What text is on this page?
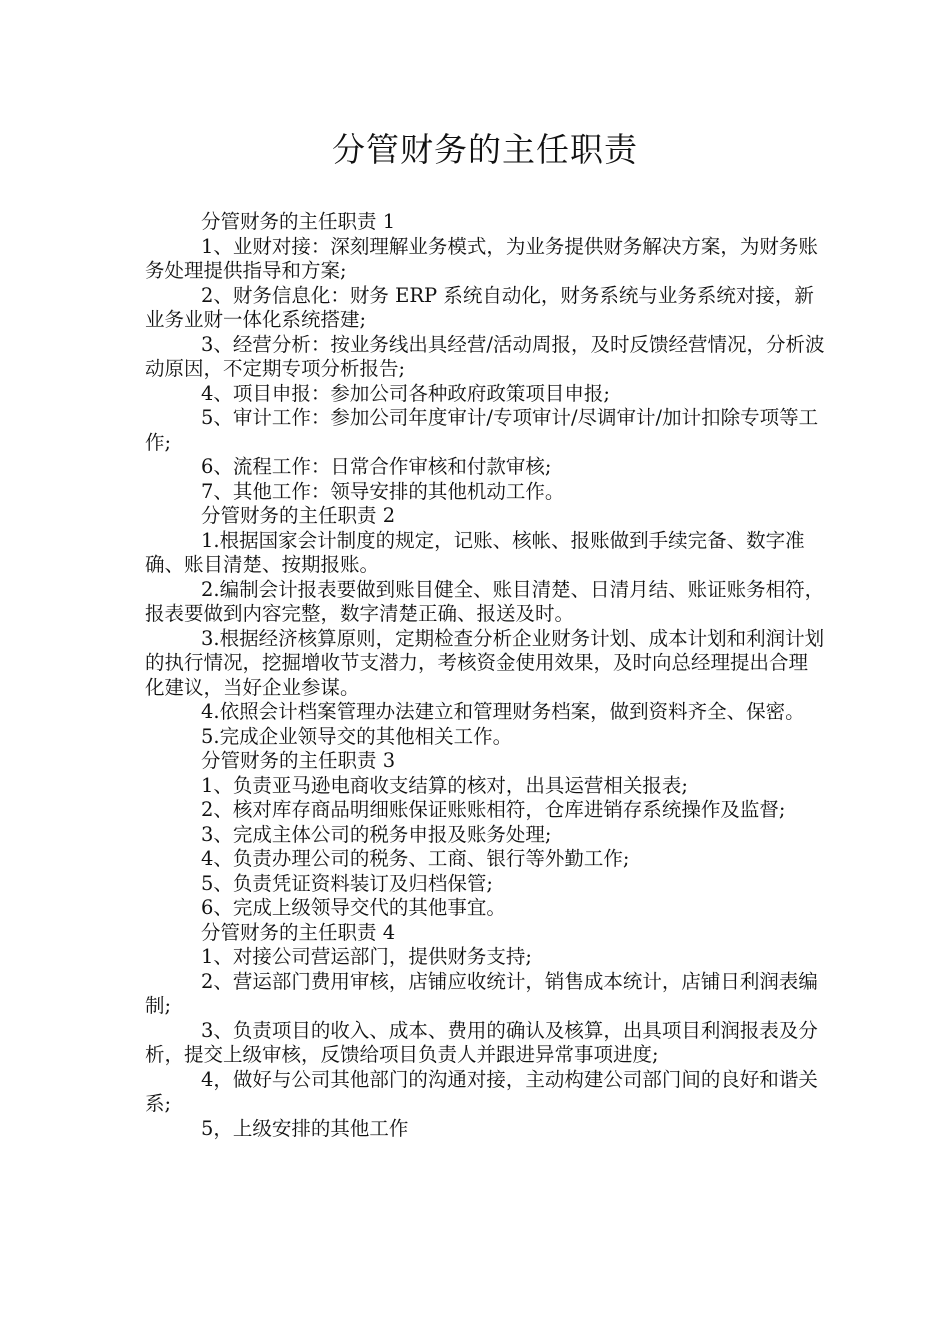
分管财务的主任职责

分管财务的主任职责 1

1、业财对接：深刻理解业务模式，为业务提供财务解决方案，为财务账务处理提供指导和方案;

2、财务信息化：财务 ERP 系统自动化，财务系统与业务系统对接，新业务业财一体化系统搭建;

3、经营分析：按业务线出具经营/活动周报，及时反馈经营情况，分析波动原因，不定期专项分析报告;

4、项目申报：参加公司各种政府政策项目申报;

5、审计工作：参加公司年度审计/专项审计/尽调审计/加计扣除专项等工作;

6、流程工作：日常合作审核和付款审核;

7、其他工作：领导安排的其他机动工作。

分管财务的主任职责 2

1.根据国家会计制度的规定，记账、核帐、报账做到手续完备、数字准确、账目清楚、按期报账。

2.编制会计报表要做到账目健全、账目清楚、日清月结、账证账务相符，报表要做到内容完整，数字清楚正确、报送及时。

3.根据经济核算原则，定期检查分析企业财务计划、成本计划和利润计划的执行情况，挖掘增收节支潜力，考核资金使用效果，及时向总经理提出合理化建议，当好企业参谋。

4.依照会计档案管理办法建立和管理财务档案，做到资料齐全、保密。

5.完成企业领导交的其他相关工作。

分管财务的主任职责 3

1、负责亚马逊电商收支结算的核对，出具运营相关报表;

2、核对库存商品明细账保证账账相符，仓库进销存系统操作及监督;

3、完成主体公司的税务申报及账务处理;

4、负责办理公司的税务、工商、银行等外勤工作;

5、负责凭证资料装订及归档保管;

6、完成上级领导交代的其他事宜。

分管财务的主任职责 4

1、对接公司营运部门，提供财务支持;

2、营运部门费用审核，店铺应收统计，销售成本统计，店铺日利润表编制;

3、负责项目的收入、成本、费用的确认及核算，出具项目利润报表及分析，提交上级审核，反馈给项目负责人并跟进异常事项进度;

4，做好与公司其他部门的沟通对接，主动构建公司部门间的良好和谐关系;

5，上级安排的其他工作
